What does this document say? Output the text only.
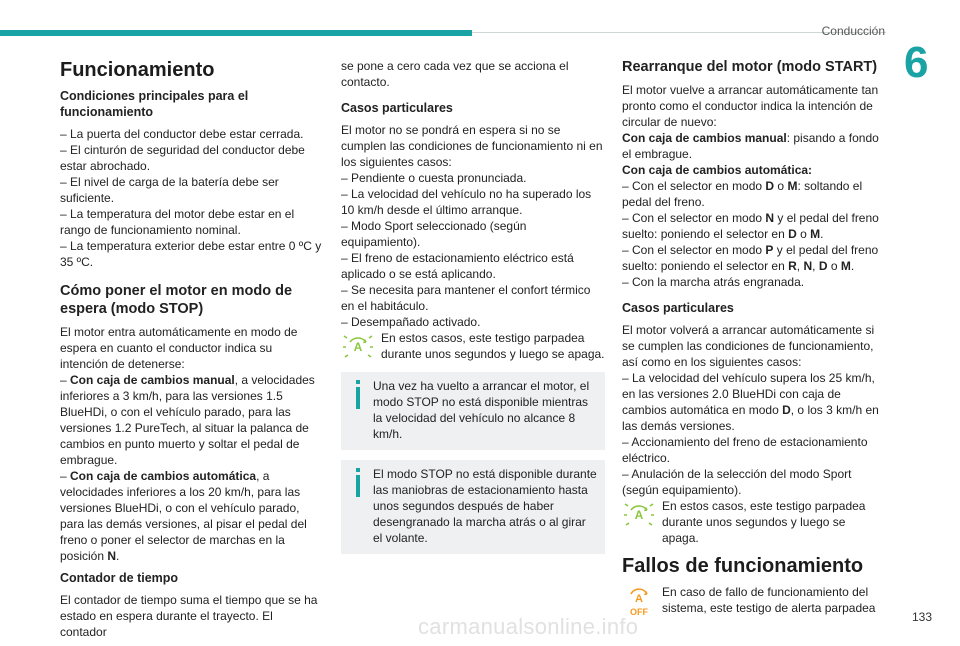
Conducción
6
Funcionamiento
Condiciones principales para el funcionamiento

– La puerta del conductor debe estar cerrada.

– El cinturón de seguridad del conductor debe estar abrochado.

– El nivel de carga de la batería debe ser suficiente.

– La temperatura del motor debe estar en el rango de funcionamiento nominal.

– La temperatura exterior debe estar entre 0 ºC y 35 ºC.

Cómo poner el motor en modo de espera (modo STOP)

El motor entra automáticamente en modo de espera en cuanto el conductor indica su intención de detenerse:

– Con caja de cambios manual, a velocidades inferiores a 3 km/h, para las versiones 1.5 BlueHDi, o con el vehículo parado, para las versiones 1.2 PureTech, al situar la palanca de cambios en punto muerto y soltar el pedal de embrague.

– Con caja de cambios automática, a velocidades inferiores a los 20 km/h, para las versiones BlueHDi, o con el vehículo parado, para las demás versiones, al pisar el pedal del freno o poner el selector de marchas en la posición N.

Contador de tiempo

El contador de tiempo suma el tiempo que se ha estado en espera durante el trayecto. El contador

se pone a cero cada vez que se acciona el contacto.

Casos particulares

El motor no se pondrá en espera si no se cumplen las condiciones de funcionamiento ni en los siguientes casos:

– Pendiente o cuesta pronunciada.

– La velocidad del vehículo no ha superado los 10 km/h desde el último arranque.

– Modo Sport seleccionado (según equipamiento).

– El freno de estacionamiento eléctrico está aplicado o se está aplicando.

– Se necesita para mantener el confort térmico en el habitáculo.

– Desempañado activado.

A

En estos casos, este testigo parpadea durante unos segundos y luego se apaga.

Una vez ha vuelto a arrancar el motor, el modo STOP no está disponible mientras la velocidad del vehículo no alcance 8 km/h.

El modo STOP no está disponible durante las maniobras de estacionamiento hasta unos segundos después de haber desengranado la marcha atrás o al girar el volante.

Rearranque del motor (modo START)

El motor vuelve a arrancar automáticamente tan pronto como el conductor indica la intención de circular de nuevo:

Con caja de cambios manual: pisando a fondo el embrague.

Con caja de cambios automática:

– Con el selector en modo D o M: soltando el pedal del freno.

– Con el selector en modo N y el pedal del freno suelto: poniendo el selector en D o M.

– Con el selector en modo P y el pedal del freno suelto: poniendo el selector en R, N, D o M.

– Con la marcha atrás engranada.

Casos particulares

El motor volverá a arrancar automáticamente si se cumplen las condiciones de funcionamiento, así como en los siguientes casos:

– La velocidad del vehículo supera los 25 km/h, en las versiones 2.0 BlueHDi con caja de cambios automática en modo D, o los 3 km/h en las demás versiones.

– Accionamiento del freno de estacionamiento eléctrico.

– Anulación de la selección del modo Sport (según equipamiento).

A

En estos casos, este testigo parpadea durante unos segundos y luego se apaga.

Fallos de funcionamiento
A
OFF

En caso de fallo de funcionamiento del sistema, este testigo de alerta parpadea

133
carmanualsonline.info
